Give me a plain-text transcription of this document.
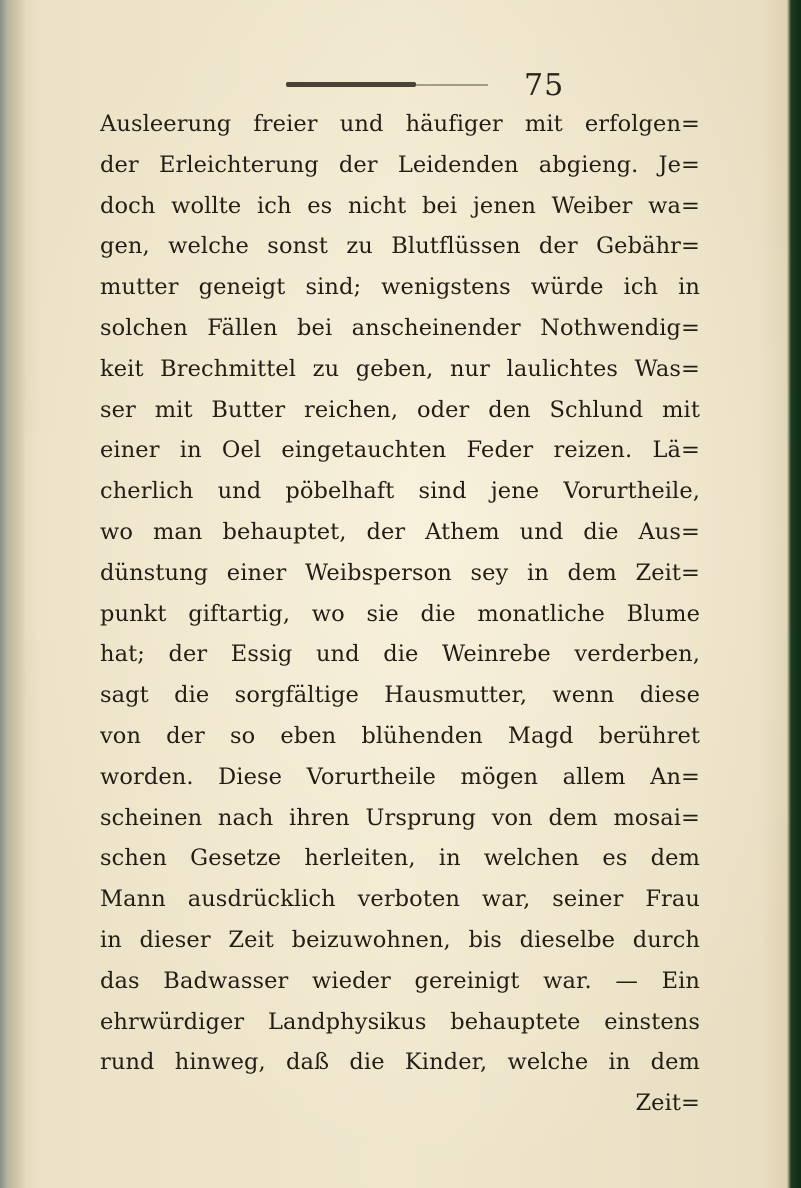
75
Ausleerung freier und häufiger mit erfolgen=
der Erleichterung der Leidenden abgieng. Je=
doch wollte ich es nicht bei jenen Weiber wa=
gen, welche sonst zu Blutflüssen der Gebähr=
mutter geneigt sind; wenigstens würde ich in
solchen Fällen bei anscheinender Nothwendig=
keit Brechmittel zu geben, nur laulichtes Was=
ser mit Butter reichen, oder den Schlund mit
einer in Oel eingetauchten Feder reizen. Lä=
cherlich und pöbelhaft sind jene Vorurtheile,
wo man behauptet, der Athem und die Aus=
dünstung einer Weibsperson sey in dem Zeit=
punkt giftartig, wo sie die monatliche Blume
hat; der Essig und die Weinrebe verderben,
sagt die sorgfältige Hausmutter, wenn diese
von der so eben blühenden Magd berühret
worden. Diese Vorurtheile mögen allem An=
scheinen nach ihren Ursprung von dem mosai=
schen Gesetze herleiten, in welchen es dem
Mann ausdrücklich verboten war, seiner Frau
in dieser Zeit beizuwohnen, bis dieselbe durch
das Badwasser wieder gereinigt war. — Ein
ehrwürdiger Landphysikus behauptete einstens
rund hinweg, daß die Kinder, welche in dem
Zeit=
